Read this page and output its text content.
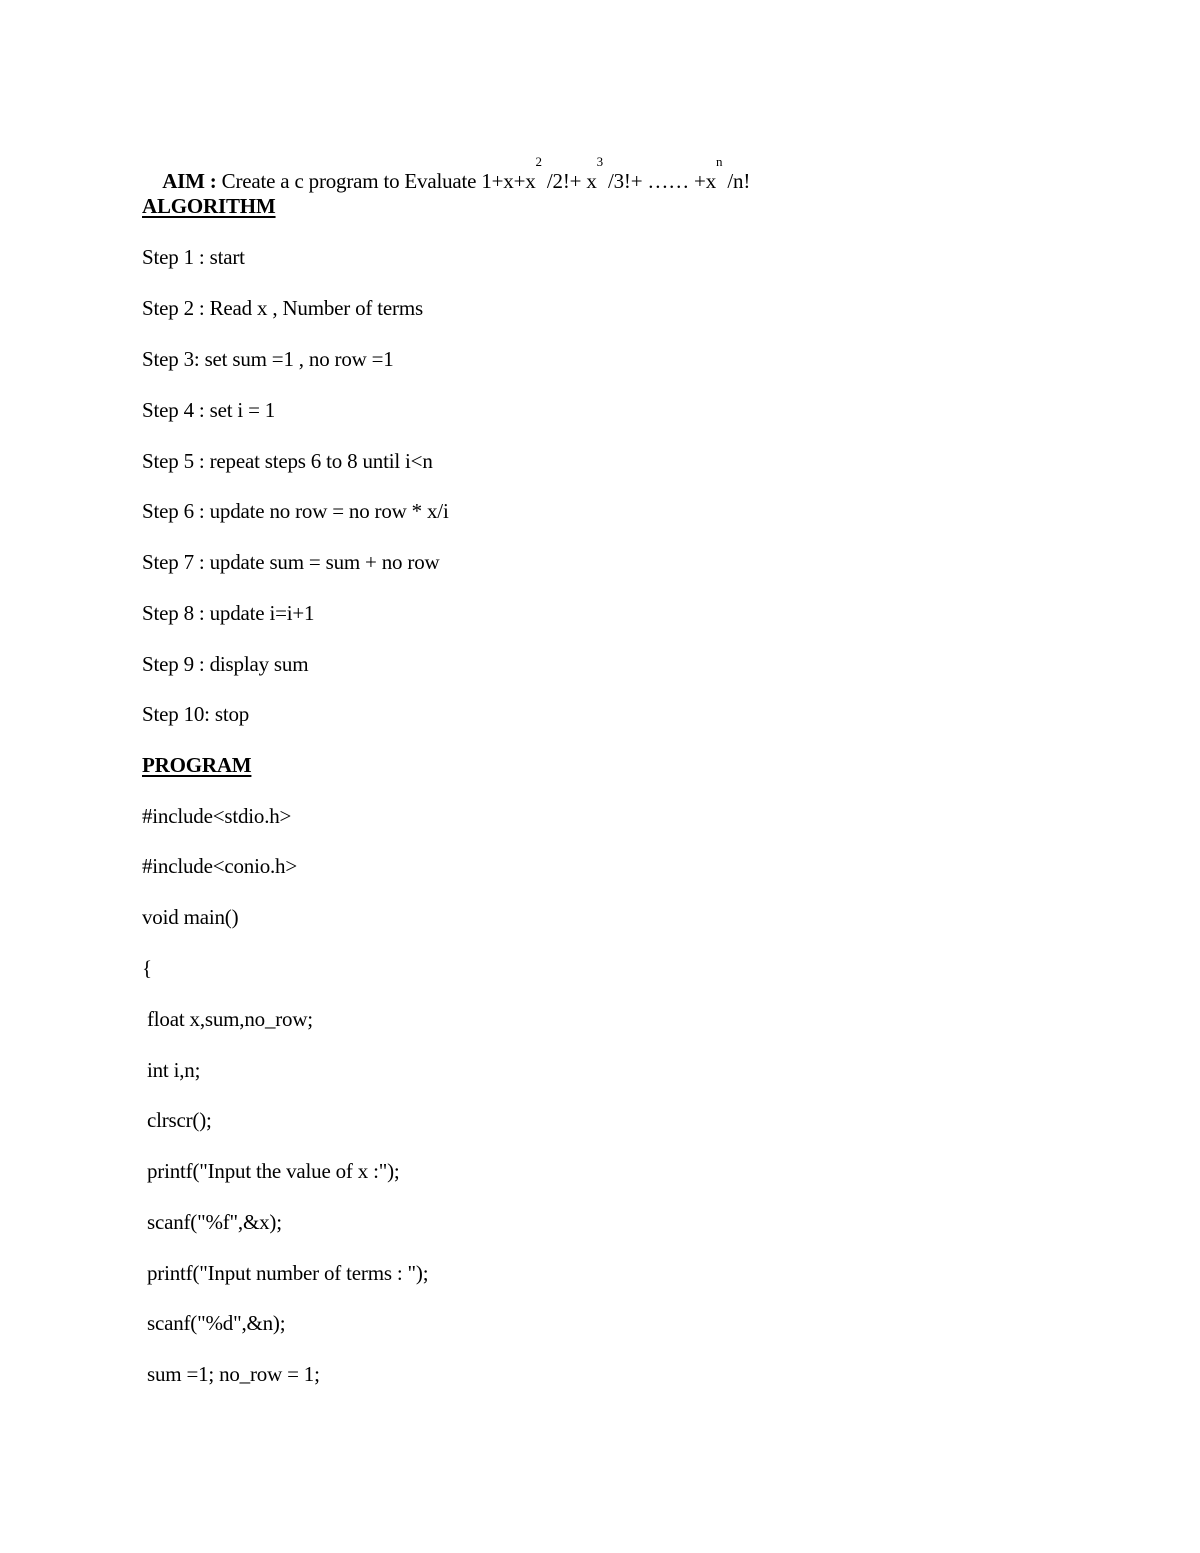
AIM : Create a c program to Evaluate $1+x+x^2$ $/2!+ x^3$ /3!+ …… $+x^n$ /n!

ALGORITHM
Step 1 : start
Step 2 : Read x , Number of terms
Step 3: set sum =1 , no row =1
Step 4 : set i = 1
Step 5 : repeat steps 6 to 8 until i<n
Step 6 : update no row = no row * x/i
Step 7 : update sum = sum + no row
Step 8 : update i=i+1
Step 9 : display sum
Step 10: stop
PROGRAM
#include<stdio.h>
#include<conio.h>
void main()
{
float x,sum,no_row;
int i,n;
clrscr();
printf("Input the value of x :");
scanf("%f",&x);
printf("Input number of terms : ");
scanf("%d",&n);
sum =1; no_row = 1;
